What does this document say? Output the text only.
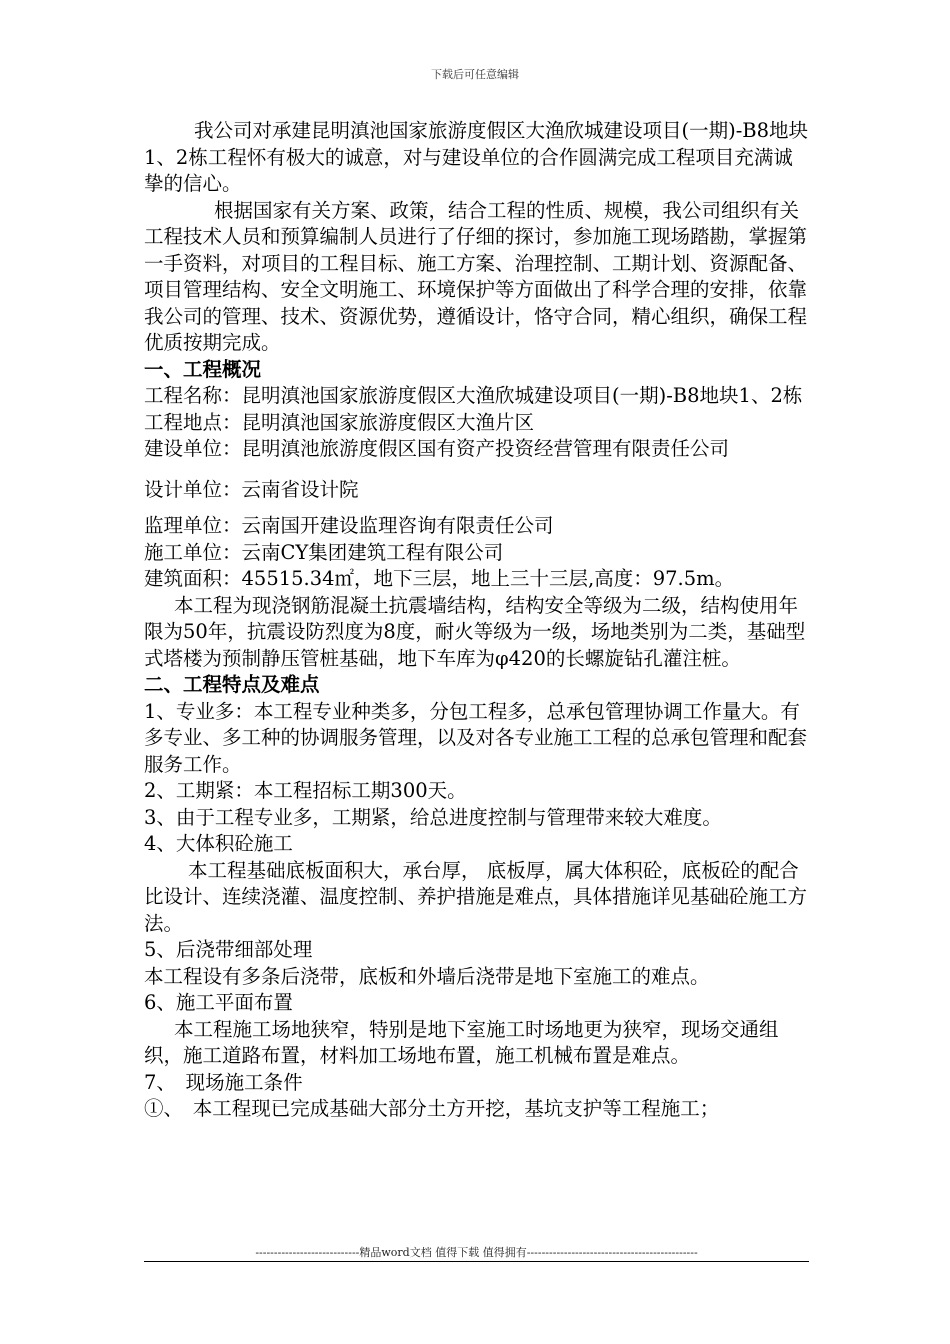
下载后可任意编辑

我公司对承建昆明滇池国家旅游度假区大渔欣城建设项目(一期)-B8地块1、2栋工程怀有极大的诚意，对与建设单位的合作圆满完成工程项目充满诚挚的信心。

根据国家有关方案、政策，结合工程的性质、规模，我公司组织有关工程技术人员和预算编制人员进行了仔细的探讨，参加施工现场踏勘，掌握第一手资料，对项目的工程目标、施工方案、治理控制、工期计划、资源配备、项目管理结构、安全文明施工、环境保护等方面做出了科学合理的安排，依靠我公司的管理、技术、资源优势，遵循设计，恪守合同，精心组织，确保工程优质按期完成。

一、工程概况

工程名称：昆明滇池国家旅游度假区大渔欣城建设项目(一期)-B8地块1、2栋

工程地点：昆明滇池国家旅游度假区大渔片区

建设单位：昆明滇池旅游度假区国有资产投资经营管理有限责任公司

设计单位：云南省设计院

监理单位：云南国开建设监理咨询有限责任公司

施工单位：云南CY集团建筑工程有限公司

建筑面积：45515.34㎡，地下三层，地上三十三层,高度：97.5m。

本工程为现浇钢筋混凝土抗震墙结构，结构安全等级为二级，结构使用年限为50年，抗震设防烈度为8度，耐火等级为一级，场地类别为二类，基础型式塔楼为预制静压管桩基础，地下车库为φ420的长螺旋钻孔灌注桩。

二、工程特点及难点

1、专业多：本工程专业种类多，分包工程多，总承包管理协调工作量大。有多专业、多工种的协调服务管理，以及对各专业施工工程的总承包管理和配套服务工作。

2、工期紧：本工程招标工期300天。

3、由于工程专业多，工期紧，给总进度控制与管理带来较大难度。

4、大体积砼施工

本工程基础底板面积大，承台厚， 底板厚，属大体积砼，底板砼的配合比设计、连续浇灌、温度控制、养护措施是难点，具体措施详见基础砼施工方法。

5、后浇带细部处理

本工程设有多条后浇带，底板和外墙后浇带是地下室施工的难点。

6、施工平面布置

本工程施工场地狭窄，特别是地下室施工时场地更为狭窄，现场交通组织，施工道路布置，材料加工场地布置，施工机械布置是难点。

7、　现场施工条件

①、　本工程现已完成基础大部分土方开挖，基坑支护等工程施工；

----------------------------精品word文档 值得下载 值得拥有----------------------------------------------
